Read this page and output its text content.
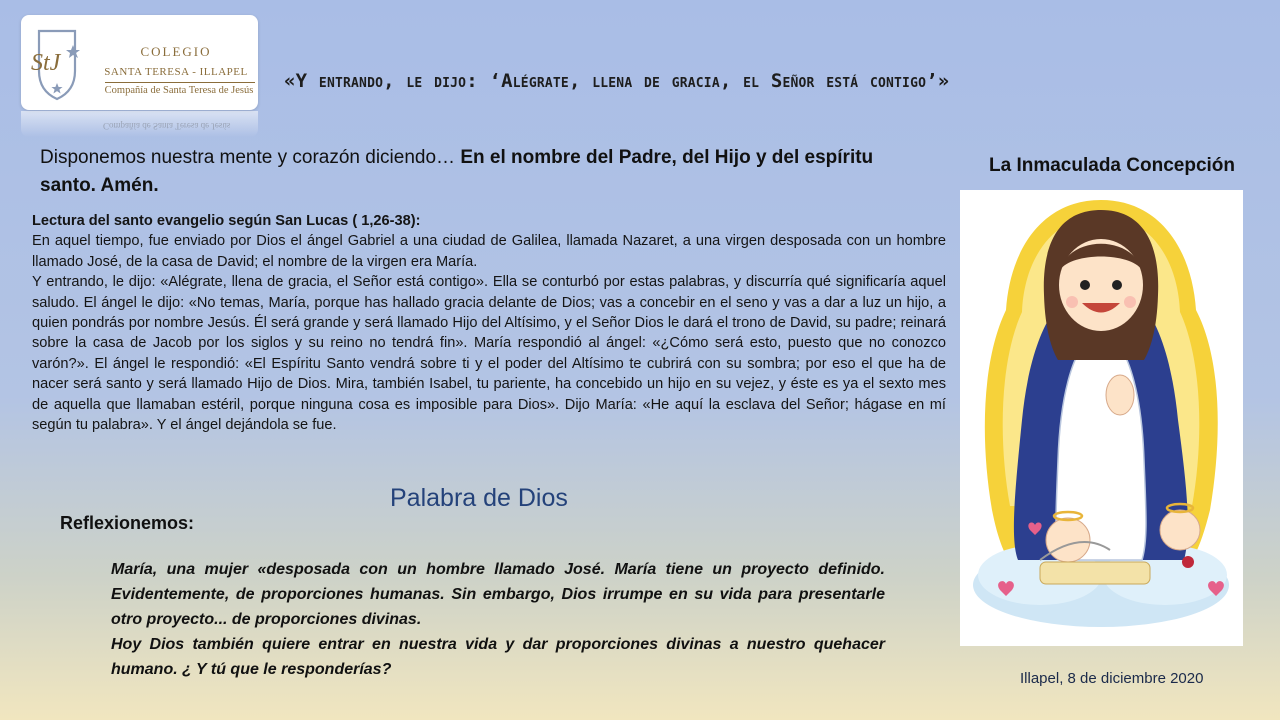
StJ	COLEGIO
SANTA TERESA - ILLAPEL
Compañía de Santa Teresa de Jesús
Compañía de Santa Teresa de Jesús
«Y entrando, le dijo: ‘Alégrate, llena de gracia, el Señor está contigo’»
Disponemos nuestra mente y corazón diciendo… En el nombre del Padre, del Hijo y del espíritu santo. Amén.
Lectura del santo evangelio según San Lucas ( 1,26-38):

En aquel tiempo, fue enviado por Dios el ángel Gabriel a una ciudad de Galilea, llamada Nazaret, a una virgen desposada con un hombre llamado José, de la casa de David; el nombre de la virgen era María.

Y entrando, le dijo: «Alégrate, llena de gracia, el Señor está contigo». Ella se conturbó por estas palabras, y discurría qué significaría aquel saludo. El ángel le dijo: «No temas, María, porque has hallado gracia delante de Dios; vas a concebir en el seno y vas a dar a luz un hijo, a quien pondrás por nombre Jesús. Él será grande y será llamado Hijo del Altísimo, y el Señor Dios le dará el trono de David, su padre; reinará sobre la casa de Jacob por los siglos y su reino no tendrá fin». María respondió al ángel: «¿Cómo será esto, puesto que no conozco varón?». El ángel le respondió: «El Espíritu Santo vendrá sobre ti y el poder del Altísimo te cubrirá con su sombra; por eso el que ha de nacer será santo y será llamado Hijo de Dios. Mira, también Isabel, tu pariente, ha concebido un hijo en su vejez, y éste es ya el sexto mes de aquella que llamaban estéril, porque ninguna cosa es imposible para Dios». Dijo María: «He aquí la esclava del Señor; hágase en mí según tu palabra». Y el ángel dejándola se fue.

Palabra de Dios
Reflexionemos:

María, una mujer «desposada con un hombre llamado José. María tiene un proyecto definido. Evidentemente, de proporciones humanas. Sin embargo, Dios irrumpe en su vida para presentarle otro proyecto... de proporciones divinas.

Hoy Dios también quiere entrar en nuestra vida y dar proporciones divinas a nuestro quehacer humano. ¿ Y tú que le responderías?

La Inmaculada Concepción
Illapel, 8 de diciembre 2020
